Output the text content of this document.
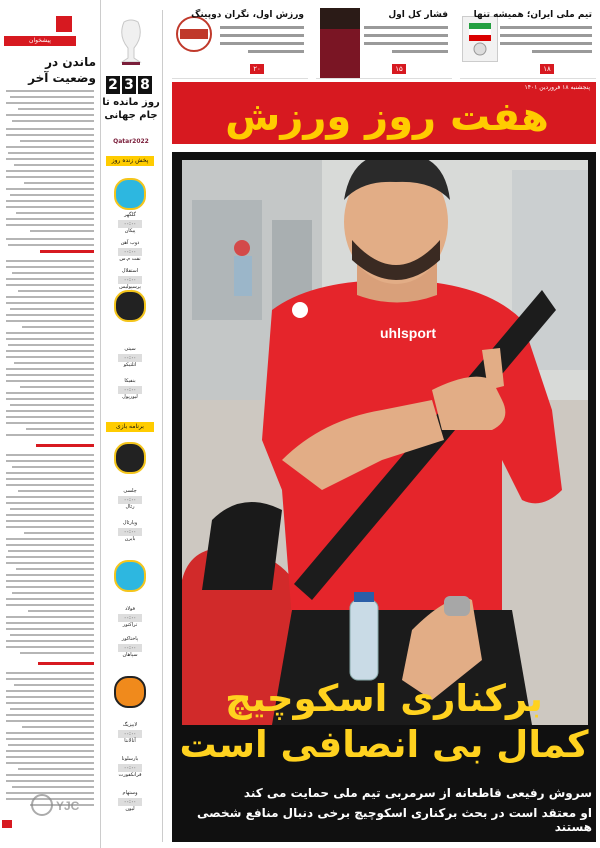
پیشخوان
ماندن در وضعیت آخر 2 3 8
روز مانده تا جام جهانی
Qatar2022
پخش زنده روز
برنامه بازی
گلگهر
۰۰:۰۰
پیکان
ذوب آهن
۰۰:۰۰
نفت م.س
استقلال
۰۰:۰۰
پرسپولیس
سیتی
۰۰:۰۰
اتلتیکو
بنفیکا
۰۰:۰۰
لیورپول
چلسی
۰۰:۰۰
رئال
ویارئال
۰۰:۰۰
بایرن
فولاد
۰۰:۰۰
تراکتور
پاختاکور
۰۰:۰۰
سپاهان
لایپزیگ
۰۰:۰۰
آتالانتا
بارسلونا
۰۰:۰۰
فرانکفورت
وستهام
۰۰:۰۰
لیون
YJC
تیم ملی ایران؛ همیشه تنها
۱۸
فشار کل اول
۱۵
ورزش اول، نگران دوپینگ
۲۰
پنجشنبه ۱۸ فروردین ۱۴۰۱
هفت روز ورزش
uhlsport
برکناری اسکوچیچ
کمال بی انصافی است
سروش رفیعی قاطعانه از سرمربی تیم ملی حمایت می کند
او معتقد است در بحث برکناری اسکوچیچ برخی دنبال منافع شخصی هستند
